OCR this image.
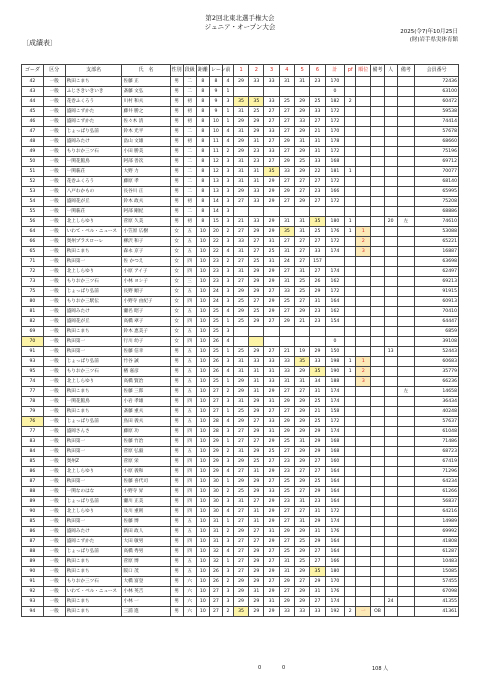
第2回北東北選手権大会
ジュニア・オープン大会
〔成績表〕
2025(令7)年10月25日
(財)岩手県実体育館
ゴーダ	区分	支部名	氏　名	性別	段級	距離	レーン	前	1	2	3	4	5	6	計	pf	順位	備考	人	備考	会員番号
42	一般	秋田こまち	佐藤 正	男	二	8	8	4	29	33	33	31	31	23	170						72436
43	一般	ふじさきいきいき	斎藤 文弘	男	二	8	9	1							0						63100
44	一般	花巻ふくろう	川村 和夫	男	初	8	9	3	35	35	33	25	29	25	182	2					60472
45	一般	盛岡こずかた	藤井 勝之	男	初	8	9	1	31	25	27	27	29	33	172						59538
46	一般	盛岡こずかた	佐々木 清	男	初	8	10	1	29	29	27	27	33	27	172						74414
47	一般	じょっぱり弘前	鈴木 光平	男	二	8	10	4	31	29	33	27	29	21	170						57678
48	一般	盛岡みたけ	畠山 文雄	男	初	8	11	4	29	31	27	29	31	31	178						68660
49	一般	もりおか三ツ石	小田 勝美	男	二	8	11	2	29	23	33	27	29	31	172						75196
50	一般	一関花館鳥	阿部 善次	男	二	8	12	3	31	23	27	29	25	33	168						69712
51	一般	一関萩荘	大野 力	男	二	8	12	3	31	31	35	33	29	22	181	1					70077
52	一般	花巻ふくろう	藤原 孝	男	二	8	13	3	31	31	29	27	27	27	172						68140
53	一般	八戸わかもの	長谷川 正	男	二	8	13	3	29	33	29	29	27	23	166						65995
54	一般	盛岡花が丘	鈴木 政夫	男	初	8	14	3	27	33	29	27	29	27	172						75208
55	一般	一関萩荘	阿部 剛紀	男	二	8	14	3													68886
56	一般	北上しらゆり	菅原 久美	男	初	8	15	3	21	33	29	31	31	35	180	1			20	左	74610
64	一般	いわて・ベル・ニュース	小笠原 広樹	女	五	10	20	2	27	29	29	35	31	25	176	1	1				53088
66	一般	奥州プラスローレ	柳沢 和子	女	五	10	22	3	33	27	31	27	27	27	172		2				65221
65	一般	秋田こまち	森永 京子	女	五	10	22	4	31	27	25	31	27	33	174		3				16887
71	一般	秋田第一	佐 かつえ	女	四	10	23	2	27	25	31	24	27	157							63698
72	一般	北上しらゆり	小原 アイ子	女	四	10	23	3	31	29	29	27	31	27	174						62497
73	一般	もりおか三ツ石	小林 ヨシ子	女	三	10	23	3	27	29	29	31	25	26	162						69213
75	一般	じょっぱり弘前	長野 順子	女	五	10	24	3	29	29	27	33	25	29	172						91915
80	一般	もりおか三駅伝	小野寺 由紀子	女	四	10	24	3	25	27	29	25	27	31	164						60913
81	一般	盛岡みたけ	瀬名 昭子	女	五	10	25	4	29	25	29	27	29	23	162						70410
82	一般	盛岡花が丘	高橋 翠子	女	四	10	25	1	25	29	27	29	21	23	154						64447
69	一般	秋田こまち	鈴木 恵美子	女	五	10	25	3													6859
70	一般	秋田第一	行川 幼子	女	四	10	26	4							0						39108
91	一般	秋田第一	佐藤 信幸	男	五	10	25	1	25	29	27	21	19	29	150				13		52443
93	一般	じょっぱり弘前	竹谷 誠	男	五	10	26	3	31	33	33	33	35	33	198	1	1				60683
95	一般	もりおか三ツ石	楢 嘉彦	男	五	10	26	4	31	31	31	33	29	35	190	1	2				35779
74	一般	北上しらゆり	高橋 賢治	男	五	10	25	1	29	31	33	31	31	34	188		3				66236
77	一般	秋田こまち	佐藤 三郎	男	五	10	27	2	29	31	29	27	27	31	174					左	14658
78	一般	一関花館鳥	小岩 孝雄	男	四	10	27	3	31	29	31	29	29	25	174						36434
79	一般	秋田こまち	斎藤 重夫	男	五	10	27	1	25	29	27	27	29	21	158						40248
76	一般	じょっぱり弘前	鳥田 義夫	男	五	10	28	4	29	27	33	29	29	25	172						57637
77	一般	盛岡さんさ	藤原 功	男	四	10	28	3	27	29	31	29	29	29	174						61048
83	一般	秋田第一	佐藤 竹治	男	四	10	29	1	27	27	29	25	31	29	168						71486
84	一般	秋田第一	菅原 弘毅	男	五	10	29	2	31	29	25	27	29	29	168						68723
85	一般	奥州Z	菅原 栄	男	四	10	29	3	29	25	27	23	29	27	160						67419
86	一般	北上しらゆり	小原 義和	男	四	10	29	4	27	31	29	23	27	27	164						71296
87	一般	秋田第一	佐藤 喜代司	男	四	10	30	1	29	29	27	25	29	25	164						64234
88	一般	一関なのはな	小野寺 昇	男	四	10	30	2	25	29	33	25	27	29	164						61266
89	一般	じょっぱり弘前	瀬川 正美	男	四	10	30	3	31	27	29	23	31	23	164						56837
90	一般	北上しらゆり	及川 重則	男	四	10	30	4	27	31	29	27	27	31	172						64216
85	一般	秋田第一	佐藤 博	男	五	10	31	1	27	31	29	27	31	29	174						14989
86	一般	盛岡みたけ	新田 政人	男	五	10	31	2	29	27	31	29	29	31	176						69992
87	一般	盛岡こずかた	大田 敏男	男	四	10	31	3	27	27	29	27	25	29	164						41808
88	一般	じょっぱり弘前	高橋 秀男	男	四	10	32	4	27	29	27	25	29	27	164						61287
89	一般	秋田こまち	菅原 博	男	五	10	32	1	27	29	27	31	25	27	166						10483
90	一般	秋田こまち	阪口 茂	男	五	10	26	3	27	29	29	31	29	35	180						15085
91	一般	もりおか三ツ石	大橋 富登	男	六	10	26	2	29	29	27	29	27	29	170						57455
92	一般	いわて・ベル・ニュース	小林 英吉	男	六	10	27	3	29	31	29	27	29	31	176						67098
93	一般	秋田こまち	小林 一	男	六	10	27	3	29	29	31	29	29	27	174				24		41355
94	一般	秋田こまち	三浦 進	男	六	10	27	2	35	29	29	33	33	33	192	2	一	OB			41361
0	0	108 人
